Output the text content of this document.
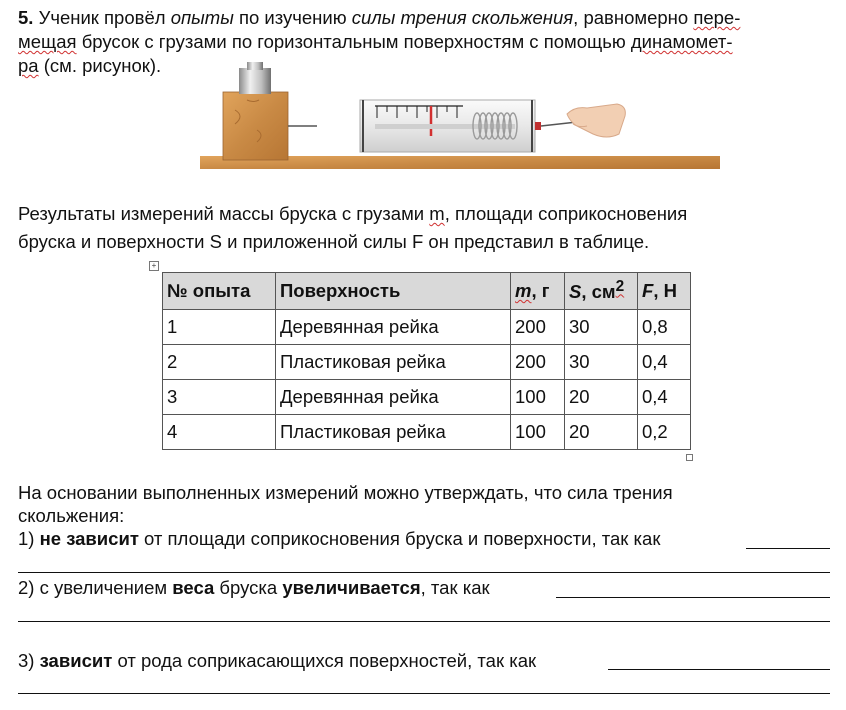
5. Ученик провёл опыты по изучению силы трения скольжения, равномерно пере-
мещая брусок с грузами по горизонтальным поверхностям с помощью динамомет-
ра (см. рисунок).
Результаты измерений массы бруска с грузами m, площади соприкосновения
бруска и поверхности S и приложенной силы F он представил в таблице.
+
№ опыта	Поверхность	m, г	S, $см^2$	F, Н
1	Деревянная рейка	200	30	0,8
2	Пластиковая рейка	200	30	0,4
3	Деревянная рейка	100	20	0,4
4	Пластиковая рейка	100	20	0,2
На основании выполненных измерений можно утверждать, что сила трения
скольжения:
1) не зависит от площади соприкосновения бруска и поверхности, так как
2) с увеличением веса бруска увеличивается, так как
3) зависит от рода соприкасающихся поверхностей, так как
